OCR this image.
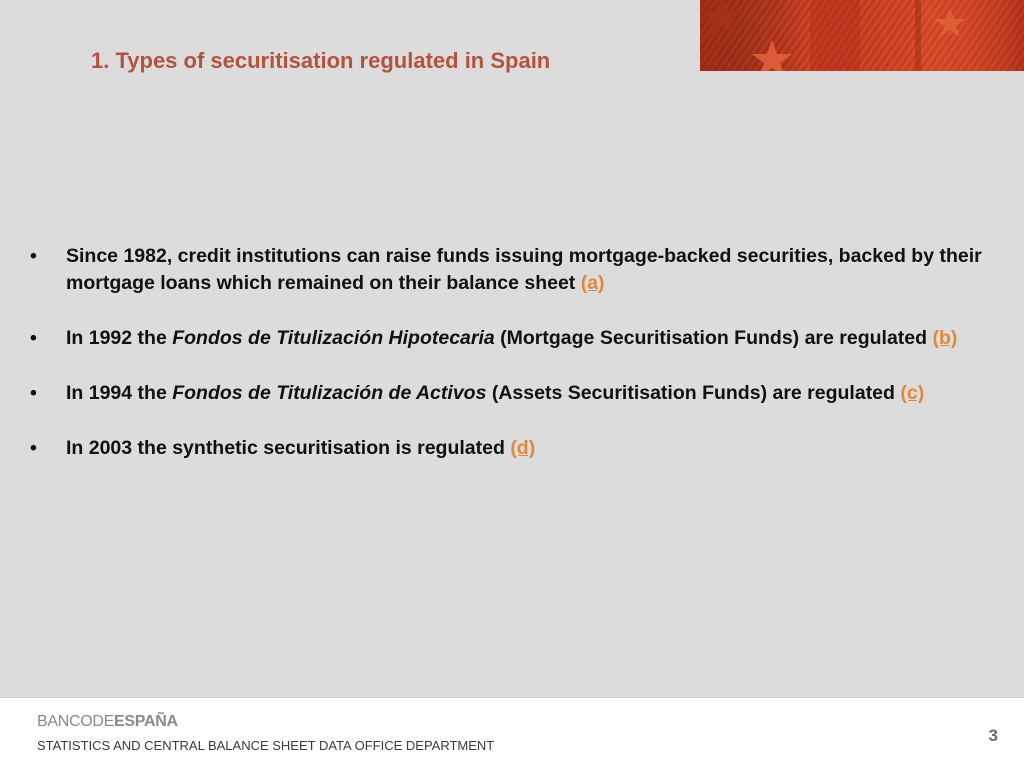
1. Types of securitisation regulated in Spain
•	Since 1982, credit institutions can raise funds issuing mortgage-backed securities, backed by their mortgage loans which remained on their balance sheet (a)
•	In 1992 the Fondos de Titulización Hipotecaria (Mortgage Securitisation Funds) are regulated (b)
•	In 1994 the Fondos de Titulización de Activos (Assets Securitisation Funds) are regulated (c)
•	In 2003 the synthetic securitisation is regulated (d)
BANCODEESPAÑA
STATISTICS AND CENTRAL BALANCE SHEET DATA OFFICE DEPARTMENT
3
